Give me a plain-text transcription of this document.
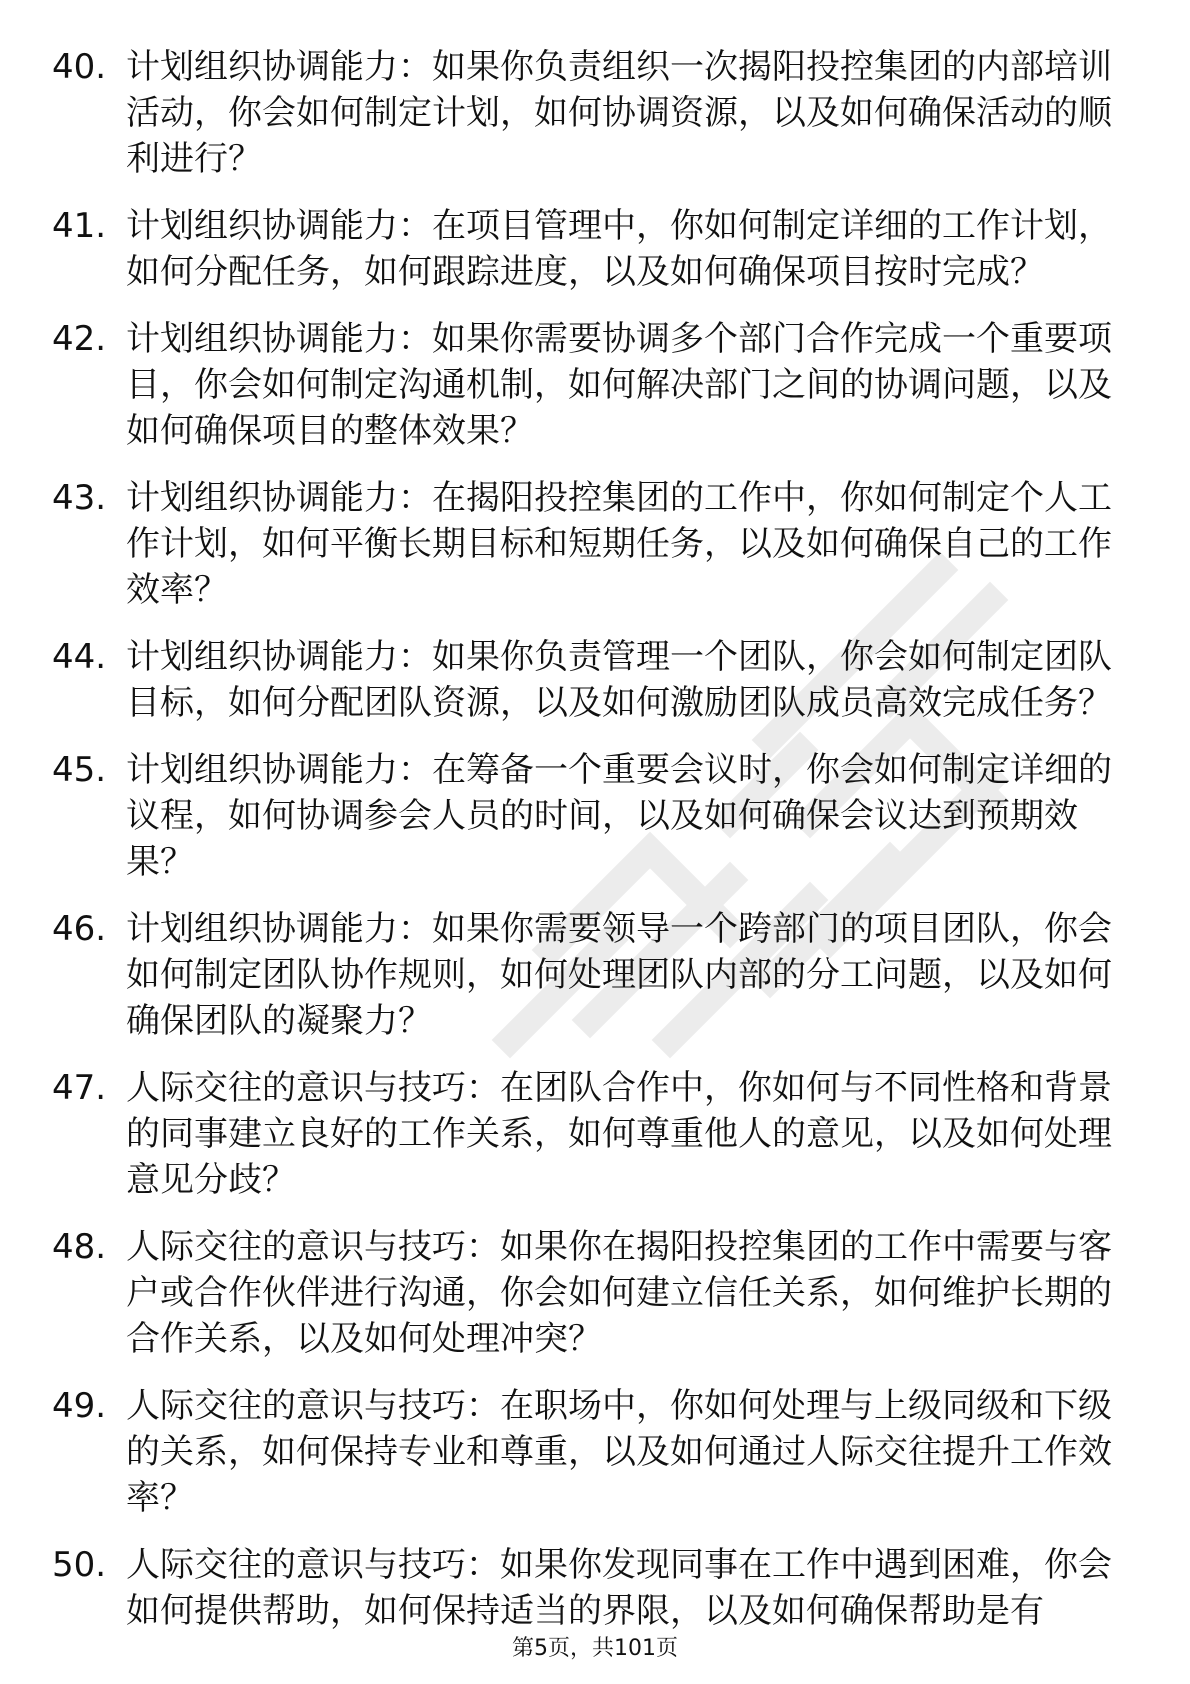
40. 计划组织协调能力：如果你负责组织一次揭阳投控集团的内部培训活动，你会如何制定计划，如何协调资源，以及如何确保活动的顺利进行？
41. 计划组织协调能力：在项目管理中，你如何制定详细的工作计划，如何分配任务，如何跟踪进度，以及如何确保项目按时完成？
42. 计划组织协调能力：如果你需要协调多个部门合作完成一个重要项目，你会如何制定沟通机制，如何解决部门之间的协调问题，以及如何确保项目的整体效果？
43. 计划组织协调能力：在揭阳投控集团的工作中，你如何制定个人工作计划，如何平衡长期目标和短期任务，以及如何确保自己的工作效率？
44. 计划组织协调能力：如果你负责管理一个团队，你会如何制定团队目标，如何分配团队资源，以及如何激励团队成员高效完成任务？
45. 计划组织协调能力：在筹备一个重要会议时，你会如何制定详细的议程，如何协调参会人员的时间，以及如何确保会议达到预期效果？
46. 计划组织协调能力：如果你需要领导一个跨部门的项目团队，你会如何制定团队协作规则，如何处理团队内部的分工问题，以及如何确保团队的凝聚力？
47. 人际交往的意识与技巧：在团队合作中，你如何与不同性格和背景的同事建立良好的工作关系，如何尊重他人的意见，以及如何处理意见分歧？
48. 人际交往的意识与技巧：如果你在揭阳投控集团的工作中需要与客户或合作伙伴进行沟通，你会如何建立信任关系，如何维护长期的合作关系，以及如何处理冲突？
49. 人际交往的意识与技巧：在职场中，你如何处理与上级同级和下级的关系，如何保持专业和尊重，以及如何通过人际交往提升工作效率？
50. 人际交往的意识与技巧：如果你发现同事在工作中遇到困难，你会如何提供帮助，如何保持适当的界限，以及如何确保帮助是有
第5页，共101页
